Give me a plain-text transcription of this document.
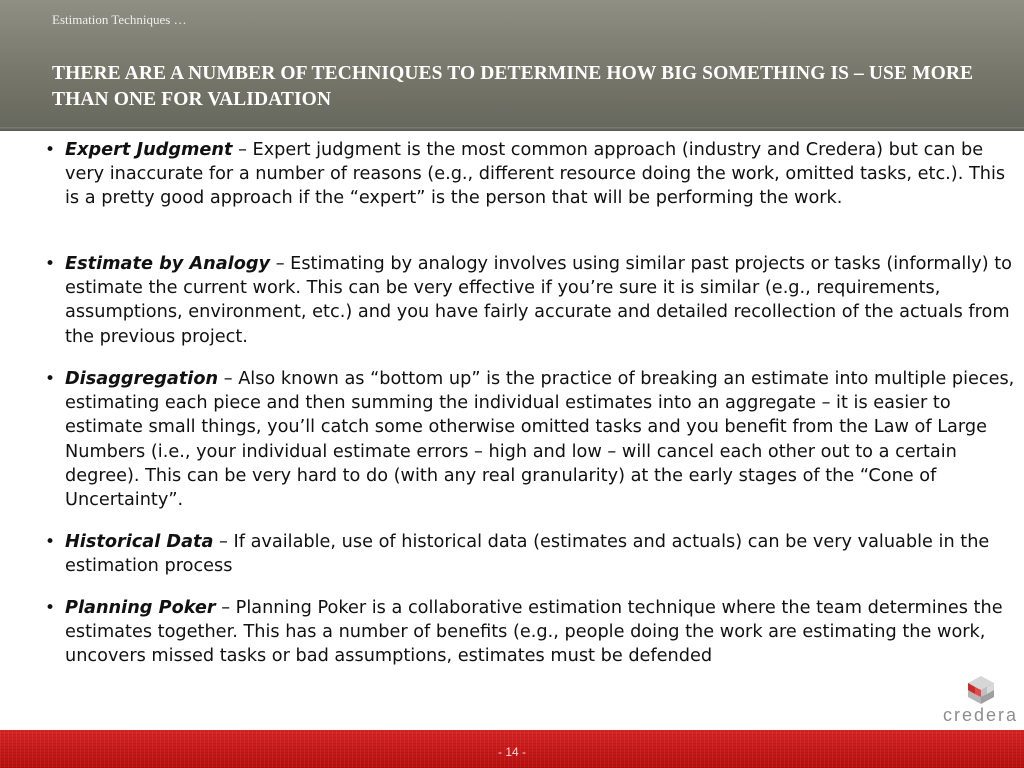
Estimation Techniques …
THERE ARE A NUMBER OF TECHNIQUES TO DETERMINE HOW BIG SOMETHING IS – USE MORE THAN ONE FOR VALIDATION
• Expert Judgment – Expert judgment is the most common approach (industry and Credera) but can be very inaccurate for a number of reasons (e.g., different resource doing the work, omitted tasks, etc.). This is a pretty good approach if the “expert” is the person that will be performing the work.
• Estimate by Analogy – Estimating by analogy involves using similar past projects or tasks (informally) to estimate the current work. This can be very effective if you’re sure it is similar (e.g., requirements, assumptions, environment, etc.) and you have fairly accurate and detailed recollection of the actuals from the previous project.
• Disaggregation – Also known as “bottom up” is the practice of breaking an estimate into multiple pieces, estimating each piece and then summing the individual estimates into an aggregate – it is easier to estimate small things, you’ll catch some otherwise omitted tasks and you benefit from the Law of Large Numbers (i.e., your individual estimate errors – high and low – will cancel each other out to a certain degree). This can be very hard to do (with any real granularity) at the early stages of the “Cone of Uncertainty”.
• Historical Data – If available, use of historical data (estimates and actuals) can be very valuable in the estimation process
• Planning Poker – Planning Poker is a collaborative estimation technique where the team determines the estimates together. This has a number of benefits (e.g., people doing the work are estimating the work, uncovers missed tasks or bad assumptions, estimates must be defended
credera
- 14 -
